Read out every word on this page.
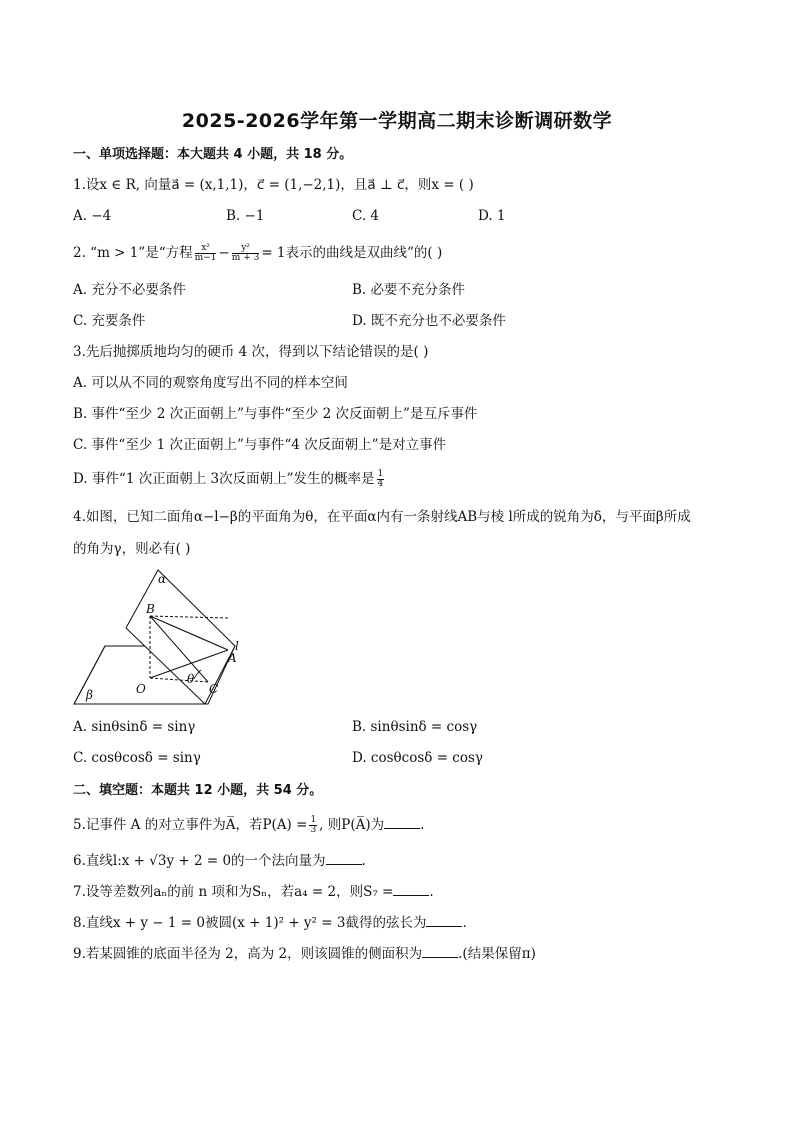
2025-2026学年第一学期高二期末诊断调研数学
一、单项选择题：本大题共 4 小题，共 18 分。
1.设x ∈ R, 向量a⃗ = (x,1,1)，c⃗ = (1,−2,1)，且a⃗ ⊥ c⃗，则x = ( )
A. −4	B. −1	C. 4	D. 1
2. “m > 1”是“方程 $\frac{\text{x²}}{m-1} - \frac{\text{y²}}{m + 3} = 1$表示的曲线是双曲线”的( )
A. 充分不必要条件	B. 必要不充分条件
C. 充要条件	D. 既不充分也不必要条件
3.先后抛掷质地均匀的硬币 4 次，得到以下结论错误的是( )
A. 可以从不同的观察角度写出不同的样本空间
B. 事件“至少 2 次正面朝上”与事件“至少 2 次反面朝上”是互斥事件
C. 事件“至少 1 次正面朝上”与事件“4 次反面朝上”是对立事件
D. 事件“1 次正面朝上 3次反面朝上”发生的概率是 $\frac{1}{4}$
4.如图，已知二面角α−l−β的平面角为θ，在平面α内有一条射线AB与棱 l所成的锐角为δ，与平面β所成
的角为γ，则必有( )
α
β
B
A
l
O	C
θ
A. sinθsinδ = sinγ	B. sinθsinδ = cosγ
C. cosθcosδ = sinγ	D. cosθcosδ = cosγ
二、填空题：本题共 12 小题，共 54 分。
5.记事件 A 的对立事件为A̅，若$P(A) = \frac{1}{3}$ , 则P(A̅)为	.
6.直线l:x + √3y + 2 = 0的一个法向量为	.
7.设等差数列aₙ的前 n 项和为Sₙ，若a₄ = 2，则S₇ =	.
8.直线x + y − 1 = 0被圆(x + 1)² + y² = 3截得的弦长为	.
9.若某圆锥的底面半径为 2，高为 2，则该圆锥的侧面积为	.(结果保留π)
